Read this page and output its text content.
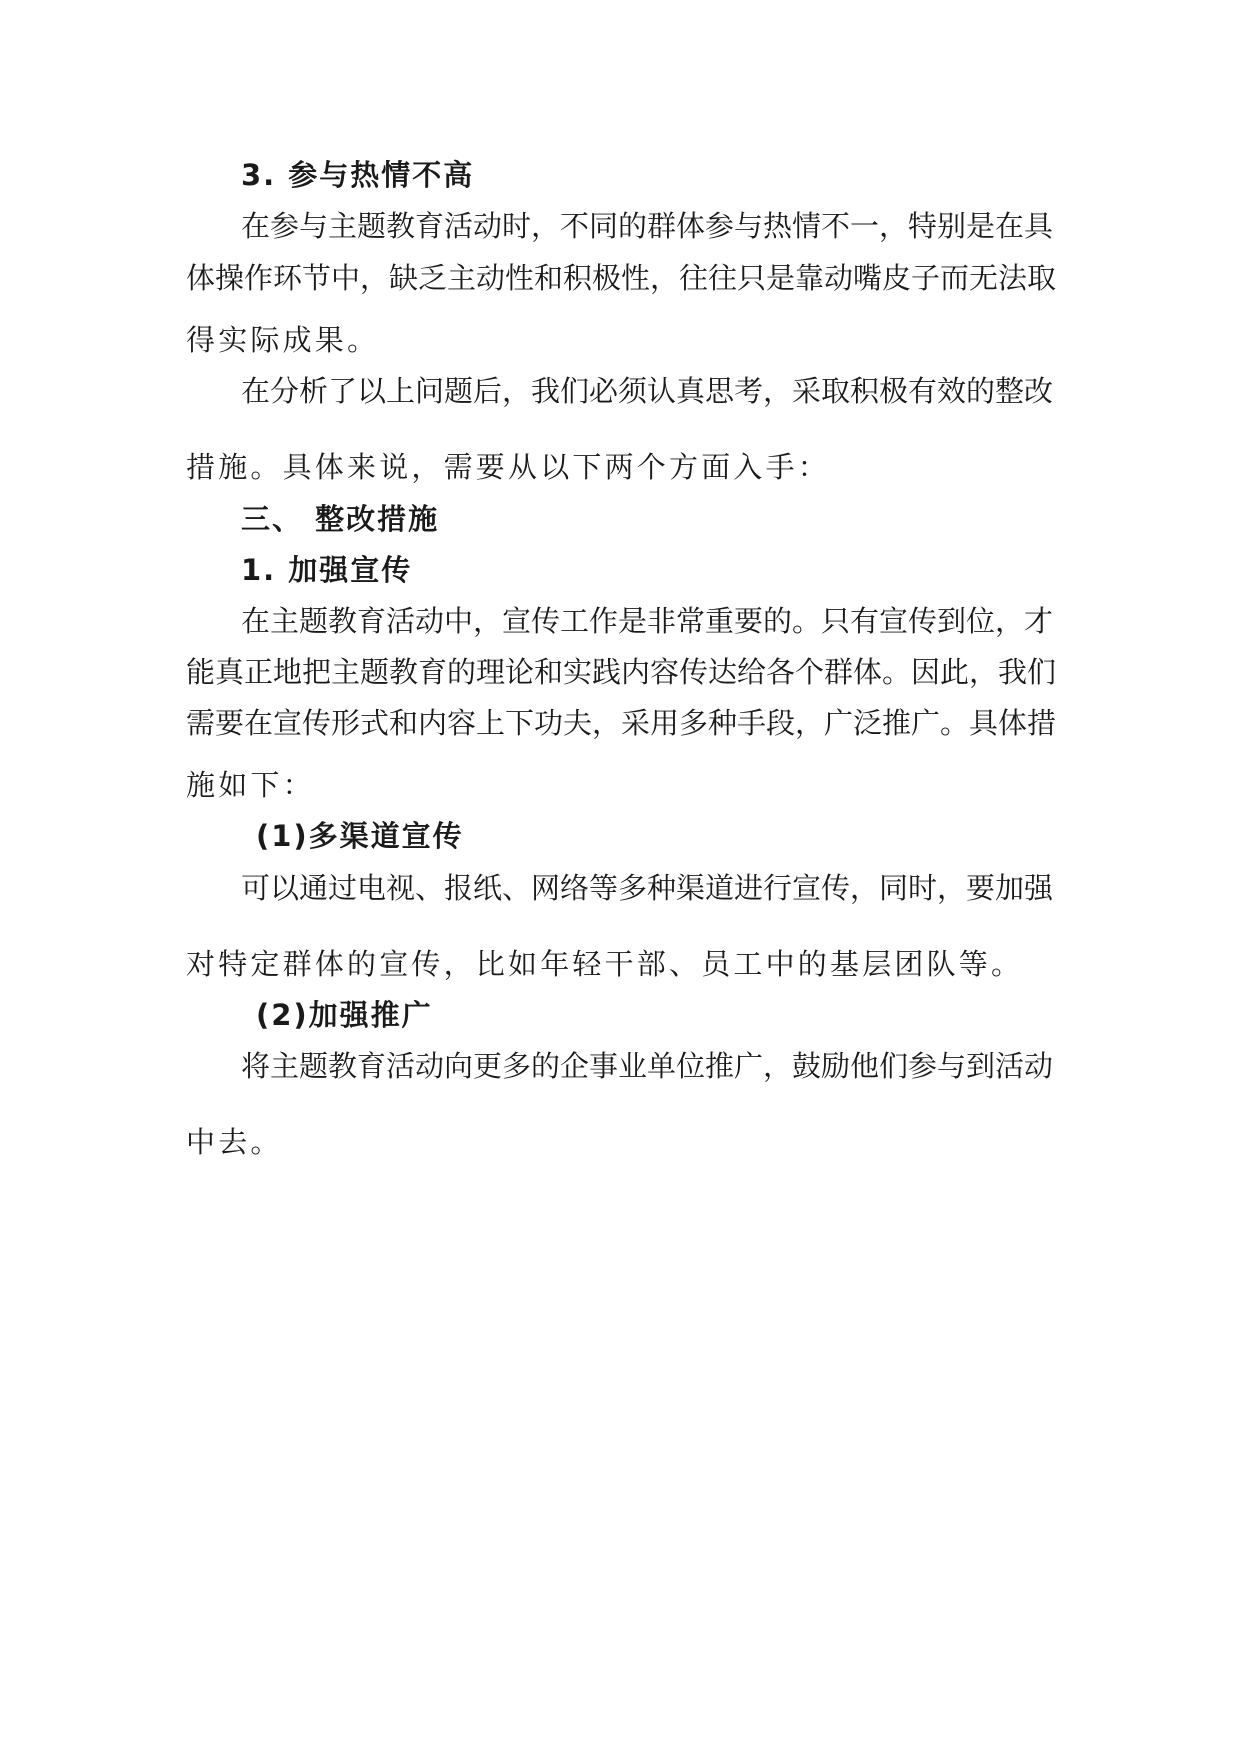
3. 参与热情不高
在参与主题教育活动时，不同的群体参与热情不一，特别是在具
体操作环节中，缺乏主动性和积极性，往往只是靠动嘴皮子而无法取
得实际成果。
在分析了以上问题后，我们必须认真思考，采取积极有效的整改
措施。具体来说，需要从以下两个方面入手：
三、 整改措施
1. 加强宣传
在主题教育活动中，宣传工作是非常重要的。只有宣传到位，才
能真正地把主题教育的理论和实践内容传达给各个群体。因此，我们
需要在宣传形式和内容上下功夫，采用多种手段，广泛推广。具体措
施如下：
(1)多渠道宣传
可以通过电视、报纸、网络等多种渠道进行宣传，同时，要加强
对特定群体的宣传，比如年轻干部、员工中的基层团队等。
(2)加强推广
将主题教育活动向更多的企事业单位推广，鼓励他们参与到活动
中去。
